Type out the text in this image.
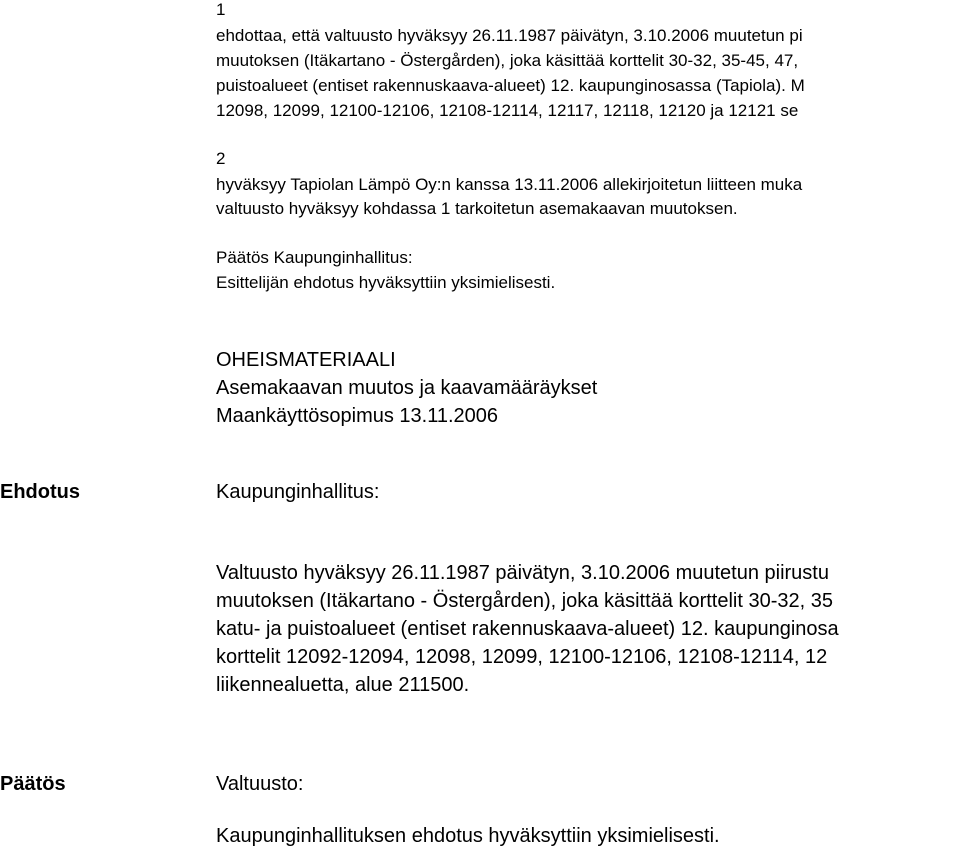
1
ehdottaa, että valtuusto hyväksyy 26.11.1987 päivätyn, 3.10.2006 muutetun pi
muutoksen (Itäkartano - Östergården), joka käsittää korttelit 30-32, 35-45, 47,
puistoalueet (entiset rakennuskaava-alueet) 12. kaupunginosassa (Tapiola). M
12098, 12099, 12100-12106, 12108-12114, 12117, 12118, 12120 ja 12121 se
2
hyväksyy Tapiolan Lämpö Oy:n kanssa 13.11.2006 allekirjoitetun liitteen muka
valtuusto hyväksyy kohdassa 1 tarkoitetun asemakaavan muutoksen.
Päätös Kaupunginhallitus:
Esittelijän ehdotus hyväksyttiin yksimielisesti.
OHEISMATERIAALI
Asemakaavan muutos ja kaavamääräykset
Maankäyttösopimus 13.11.2006
Ehdotus	Kaupunginhallitus:
Valtuusto hyväksyy 26.11.1987 päivätyn, 3.10.2006 muutetun piirustu
muutoksen (Itäkartano - Östergården), joka käsittää korttelit 30-32, 35
katu- ja puistoalueet (entiset rakennuskaava-alueet) 12. kaupunginosa
korttelit 12092-12094, 12098, 12099, 12100-12106, 12108-12114, 12
liikennealuetta, alue 211500.
Päätös	Valtuusto:
Kaupunginhallituksen ehdotus hyväksyttiin yksimielisesti.
